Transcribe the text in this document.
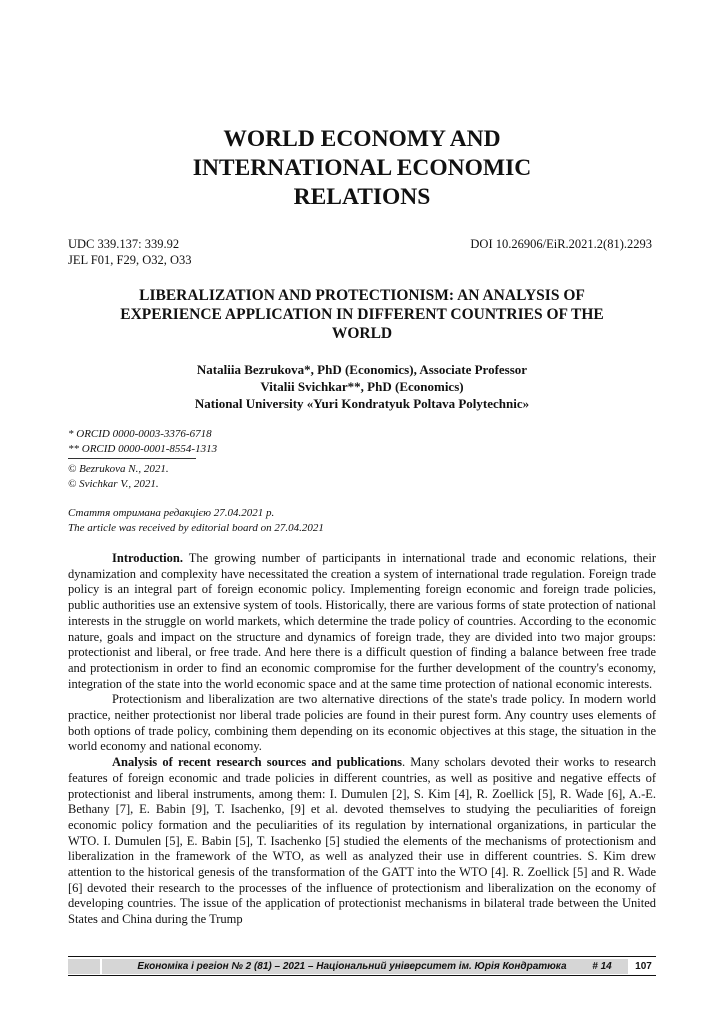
WORLD ECONOMY AND
INTERNATIONAL ECONOMIC
RELATIONS
UDC 339.137: 339.92
JEL F01, F29, O32, O33
DOI 10.26906/EiR.2021.2(81).2293
LIBERALIZATION AND PROTECTIONISM: AN ANALYSIS OF
EXPERIENCE APPLICATION IN DIFFERENT COUNTRIES OF THE
WORLD
Nataliia Bezrukova*, PhD (Economics), Associate Professor
Vitalii Svichkar**, PhD (Economics)
National University «Yuri Kondratyuk Poltava Polytechnic»
* ORCID 0000-0003-3376-6718
** ORCID 0000-0001-8554-1313
© Bezrukova N., 2021.
© Svichkar V., 2021.
Стаття отримана редакцією 27.04.2021 р.
The article was received by editorial board on 27.04.2021

Introduction. The growing number of participants in international trade and economic relations, their dynamization and complexity have necessitated the creation a system of international trade regulation. Foreign trade policy is an integral part of foreign economic policy. Implementing foreign economic and foreign trade policies, public authorities use an extensive system of tools. Historically, there are various forms of state protection of national interests in the struggle on world markets, which determine the trade policy of countries. According to the economic nature, goals and impact on the structure and dynamics of foreign trade, they are divided into two major groups: protectionist and liberal, or free trade. And here there is a difficult question of finding a balance between free trade and protectionism in order to find an economic compromise for the further development of the country's economy, integration of the state into the world economic space and at the same time protection of national economic interests.

Protectionism and liberalization are two alternative directions of the state's trade policy. In modern world practice, neither protectionist nor liberal trade policies are found in their purest form. Any country uses elements of both options of trade policy, combining them depending on its economic objectives at this stage, the situation in the world economy and national economy.

Analysis of recent research sources and publications. Many scholars devoted their works to research features of foreign economic and trade policies in different countries, as well as positive and negative effects of protectionist and liberal instruments, among them: I. Dumulen [2], S. Kim [4], R. Zoellick [5], R. Wade [6], A.-E. Bethany [7], E. Babin [9], T. Isachenko, [9] et al. devoted themselves to studying the peculiarities of foreign economic policy formation and the peculiarities of its regulation by international organizations, in particular the WTO. I. Dumulen [5], E. Babin [5], T. Isachenko [5] studied the elements of the mechanisms of protectionism and liberalization in the framework of the WTO, as well as analyzed their use in different countries. S. Kim drew attention to the historical genesis of the transformation of the GATT into the WTO [4]. R. Zoellick [5] and R. Wade [6] devoted their research to the processes of the influence of protectionism and liberalization on the economy of developing countries. The issue of the application of protectionist mechanisms in bilateral trade between the United States and China during the Trump

Економіка і регіон № 2 (81) – 2021 – Національний університет ім. Юрія Кондратюка	# 14	107
